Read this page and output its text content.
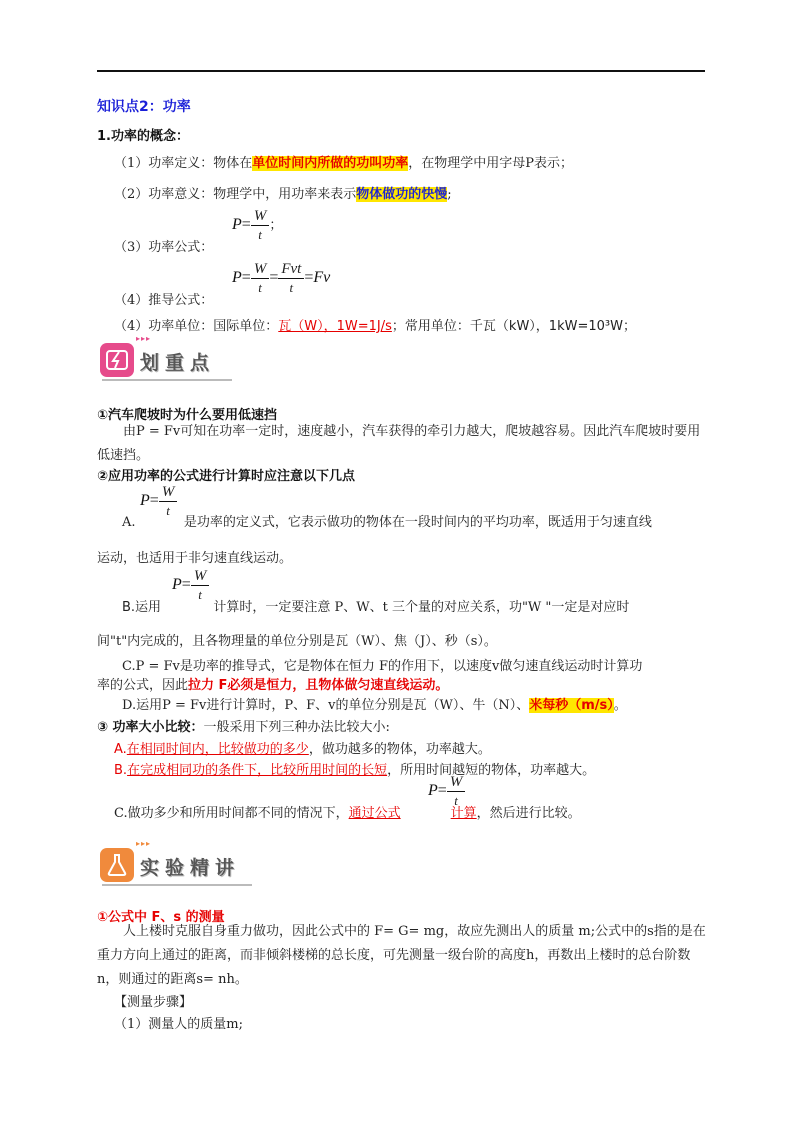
知识点2：功率
1.功率的概念：
（1）功率定义：物体在单位时间内所做的功叫功率，在物理学中用字母P表示；
（2）功率意义：物理学中，用功率来表示物体做功的快慢;
（3）功率公式：
$P= \frac{W}{t}$ ；
（4）推导公式：
$P= \frac{W}{t} = \frac{\text{Fvt}}{t} =Fv$
（4）功率单位：国际单位：瓦（W），1W=1J/s；常用单位：千瓦（kW），1kW=10³W；
▸▸▸
划重点
①汽车爬坡时为什么要用低速挡
由P = Fv可知在功率一定时，速度越小，汽车获得的牵引力越大，爬坡越容易。因此汽车爬坡时要用低速挡。
②应用功率的公式进行计算时应注意以下几点
A.	是功率的定义式，它表示做功的物体在一段时间内的平均功率，既适用于匀速直线
$P= \frac{W}{t}$
运动，也适用于非匀速直线运动。
B.运用	计算时，一定要注意 P、W、t 三个量的对应关系，功"W "一定是对应时
$P= \frac{W}{t}$
间"t"内完成的，且各物理量的单位分别是瓦（W）、焦（J）、秒（s）。
C.P = Fv是功率的推导式，它是物体在恒力 F的作用下，以速度v做匀速直线运动时计算功
率的公式，因此拉力 F必须是恒力，且物体做匀速直线运动。
D.运用P = Fv进行计算时，P、F、v的单位分别是瓦（W）、牛（N）、米每秒（m/s）。
③ 功率大小比较：一般采用下列三种办法比较大小:
A.在相同时间内，比较做功的多少，做功越多的物体，功率越大。
B.在完成相同功的条件下，比较所用时间的长短，所用时间越短的物体，功率越大。
$P= \frac{W}{t}$
C.做功多少和所用时间都不同的情况下，通过公式	计算，然后进行比较。
▸▸▸
实验精讲
①公式中 F、s 的测量
人上楼时克服自身重力做功，因此公式中的 F= G= mg，故应先测出人的质量 m;公式中的s指的是在重力方向上通过的距离，而非倾斜楼梯的总长度，可先测量一级台阶的高度h，再数出上楼时的总台阶数 n，则通过的距离s= nh。
【测量步骤】
（1）测量人的质量m;
